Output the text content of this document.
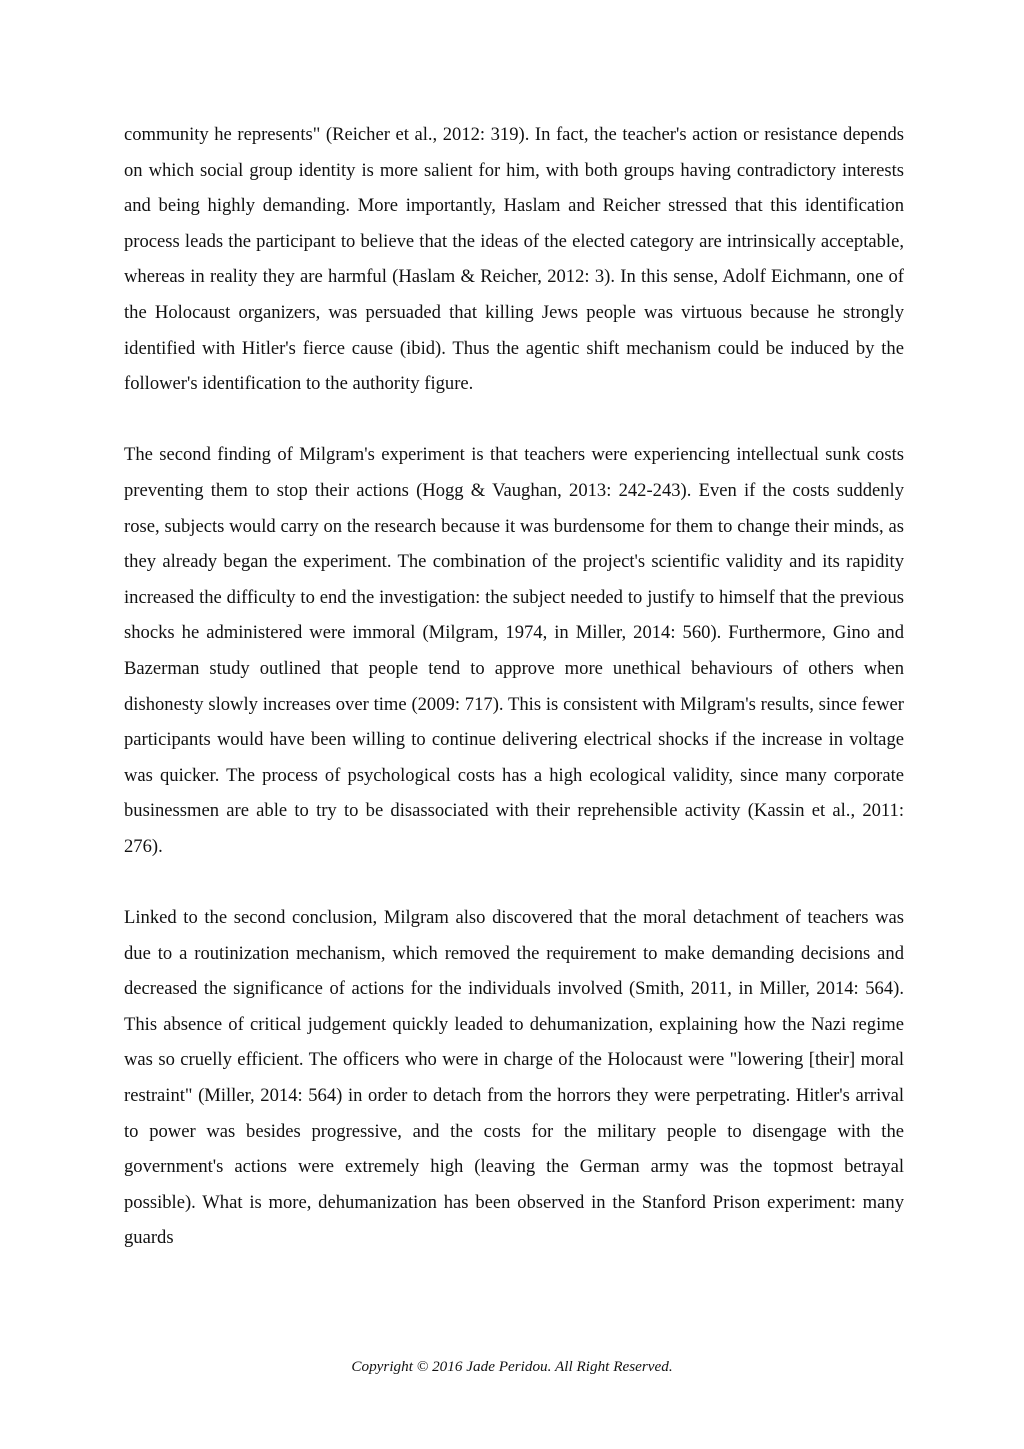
community he represents" (Reicher et al., 2012: 319). In fact, the teacher's action or resistance depends on which social group identity is more salient for him, with both groups having contradictory interests and being highly demanding. More importantly, Haslam and Reicher stressed that this identification process leads the participant to believe that the ideas of the elected category are intrinsically acceptable, whereas in reality they are harmful (Haslam & Reicher, 2012: 3). In this sense, Adolf Eichmann, one of the Holocaust organizers, was persuaded that killing Jews people was virtuous because he strongly identified with Hitler's fierce cause (ibid). Thus the agentic shift mechanism could be induced by the follower's identification to the authority figure.

The second finding of Milgram's experiment is that teachers were experiencing intellectual sunk costs preventing them to stop their actions (Hogg & Vaughan, 2013: 242-243). Even if the costs suddenly rose, subjects would carry on the research because it was burdensome for them to change their minds, as they already began the experiment. The combination of the project's scientific validity and its rapidity increased the difficulty to end the investigation: the subject needed to justify to himself that the previous shocks he administered were immoral (Milgram, 1974, in Miller, 2014: 560). Furthermore, Gino and Bazerman study outlined that people tend to approve more unethical behaviours of others when dishonesty slowly increases over time (2009: 717). This is consistent with Milgram's results, since fewer participants would have been willing to continue delivering electrical shocks if the increase in voltage was quicker. The process of psychological costs has a high ecological validity, since many corporate businessmen are able to try to be disassociated with their reprehensible activity (Kassin et al., 2011: 276).

Linked to the second conclusion, Milgram also discovered that the moral detachment of teachers was due to a routinization mechanism, which removed the requirement to make demanding decisions and decreased the significance of actions for the individuals involved (Smith, 2011, in Miller, 2014: 564). This absence of critical judgement quickly leaded to dehumanization, explaining how the Nazi regime was so cruelly efficient. The officers who were in charge of the Holocaust were "lowering [their] moral restraint" (Miller, 2014: 564) in order to detach from the horrors they were perpetrating. Hitler's arrival to power was besides progressive, and the costs for the military people to disengage with the government's actions were extremely high (leaving the German army was the topmost betrayal possible). What is more, dehumanization has been observed in the Stanford Prison experiment: many guards

Copyright © 2016 Jade Peridou. All Right Reserved.
